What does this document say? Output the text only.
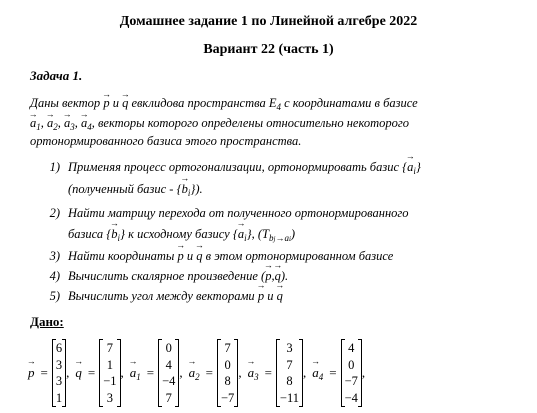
Домашнее задание 1 по Линейной алгебре 2022
Вариант 22 (часть 1)
Задача 1.
Даны вектор → p и → q евклидова пространства $E_4$ с координатами в базисе
→ $a_1$, → $a_2$, → $a_3$, → $a_4$, векторы которого определены относительно некоторого
ортонормированного базиса этого пространства.
1) Применяя процесс ортогонализации, ортонормировать базис {→ $a_i$}
(полученный базис - {→ $b_i$}).
2) Найти матрицу перехода от полученного ортонормированного
базиса {→ $b_i$} к исходному базису {→ $a_i$}, $(T_{bj\to ai})$
3) Найти координаты → p и → q в этом ортонормированном базисе
4) Вычислить скалярное произведение (→ p,→ q).
5) Вычислить угол между векторами → p и → q
Дано:
→ p =
6
3
3
1
, → q =
7
1
−1
3
, → $a_1$ =
0
4
−4
7
, → $a_2$ =
7
0
8
−7
, → $a_3$ =
3
7
8
−11
, → $a_4$ =
4
0
−7
−4
,
